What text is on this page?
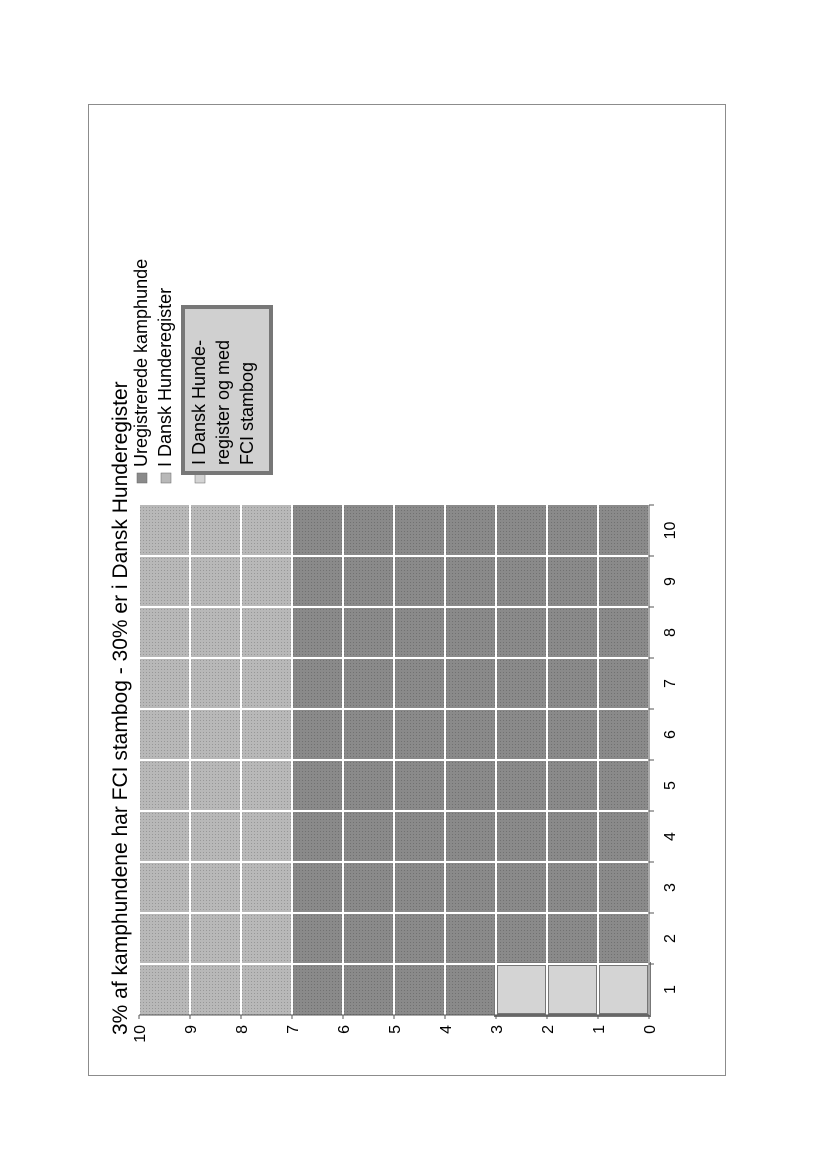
3% af kamphundene har FCI stambog - 30% er i Dansk Hunderegister	0
1
2
3
4
5
6
7
8
9
10
1
2
3
4
5
6
7
8
9
10
Uregistrerede kamphunde I Dansk Hunderegister I Dansk Hunde- register og med FCI stambog
